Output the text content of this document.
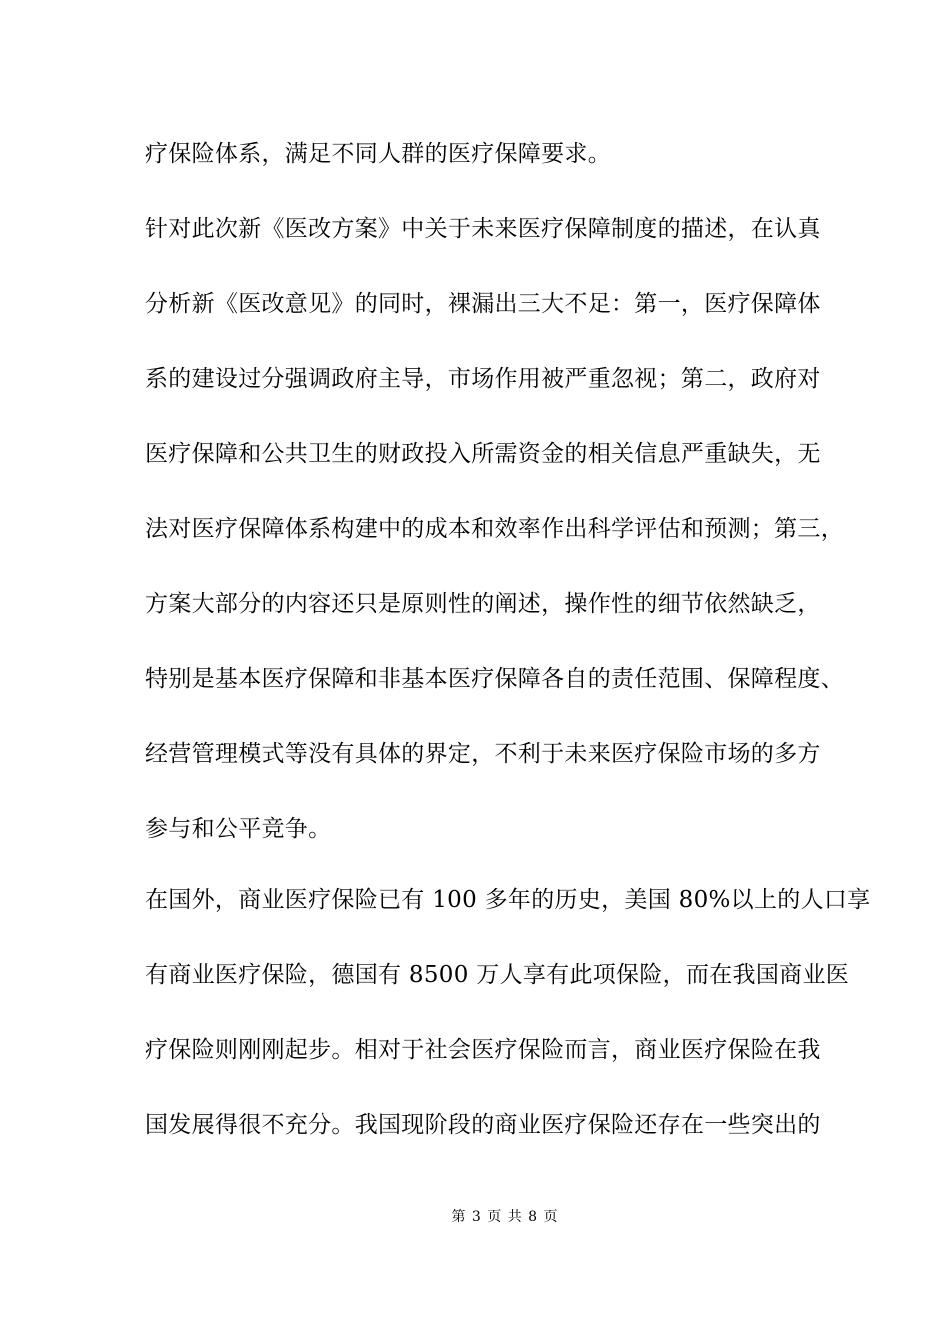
疗保险体系，满足不同人群的医疗保障要求。
针对此次新《医改方案》中关于未来医疗保障制度的描述，在认真
分析新《医改意见》的同时，裸漏出三大不足：第一，医疗保障体
系的建设过分强调政府主导，市场作用被严重忽视；第二，政府对
医疗保障和公共卫生的财政投入所需资金的相关信息严重缺失，无
法对医疗保障体系构建中的成本和效率作出科学评估和预测；第三，
方案大部分的内容还只是原则性的阐述，操作性的细节依然缺乏，
特别是基本医疗保障和非基本医疗保障各自的责任范围、保障程度、
经营管理模式等没有具体的界定，不利于未来医疗保险市场的多方
参与和公平竞争。
在国外，商业医疗保险已有 100 多年的历史，美国 80%以上的人口享
有商业医疗保险，德国有 8500 万人享有此项保险，而在我国商业医
疗保险则刚刚起步。相对于社会医疗保险而言，商业医疗保险在我
国发展得很不充分。我国现阶段的商业医疗保险还存在一些突出的
第 3 页 共 8 页
